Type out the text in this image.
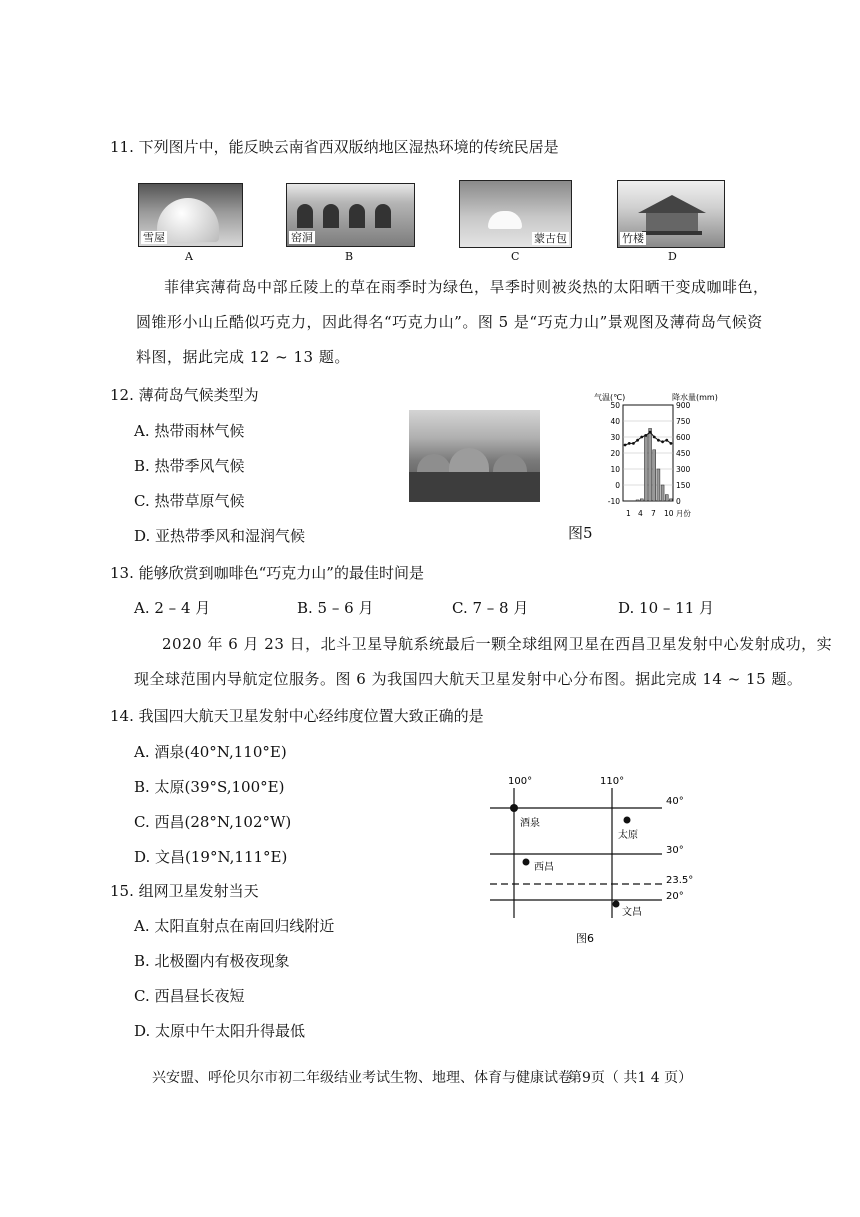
11. 下列图片中，能反映云南省西双版纳地区湿热环境的传统民居是
雪屋
A
窑洞
B
蒙古包
C
竹楼
D
菲律宾薄荷岛中部丘陵上的草在雨季时为绿色，旱季时则被炎热的太阳晒干变成咖啡色，
圆锥形小山丘酷似巧克力，因此得名“巧克力山”。图 5 是“巧克力山”景观图及薄荷岛气候资
料图，据此完成 12 ~ 13 题。
12. 薄荷岛气候类型为
A. 热带雨林气候
B. 热带季风气候
C. 热带草原气候
D. 亚热带季风和湿润气候
气温(℃)	降水量(mm)
50
40
30
20
10
0
-10
900
750
600
450
300
150
0
1 4 7 10 月份
图5
13. 能够欣赏到咖啡色“巧克力山”的最佳时间是
A. 2 – 4 月	B. 5 – 6 月	C. 7 – 8 月	D. 10 – 11 月
2020 年 6 月 23 日，北斗卫星导航系统最后一颗全球组网卫星在西昌卫星发射中心发射成功，实
现全球范围内导航定位服务。图 6 为我国四大航天卫星发射中心分布图。据此完成 14 ~ 15 题。
14. 我国四大航天卫星发射中心经纬度位置大致正确的是
A. 酒泉(40°N,110°E)
B. 太原(39°S,100°E)
C. 西昌(28°N,102°W)
D. 文昌(19°N,111°E)
100°	110°
40°
30°
23.5°
20°
酒泉
太原
西昌
文昌
图6
15. 组网卫星发射当天
A. 太阳直射点在南回归线附近
B. 北极圈内有极夜现象
C. 西昌昼长夜短
D. 太原中午太阳升得最低
兴安盟、呼伦贝尔市初二年级结业考试生物、地理、体育与健康试卷
第9页（ 共1 4 页）
